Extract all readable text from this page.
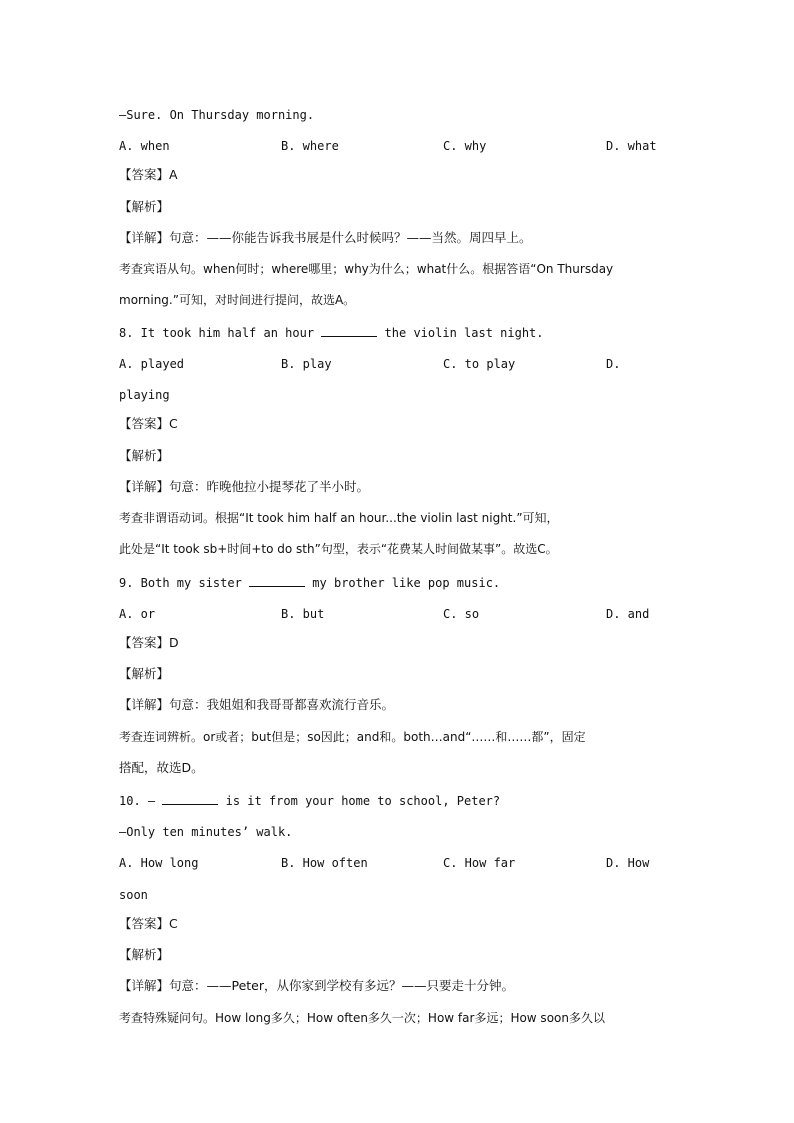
—Sure. On Thursday morning.
A. when	B. where	C. why	D. what
【答案】A
【解析】
【详解】句意：——你能告诉我书展是什么时候吗？——当然。周四早上。
考查宾语从句。when何时；where哪里；why为什么；what什么。根据答语“On Thursday
morning.”可知，对时间进行提问，故选A。
8. It took him half an hour	the violin last night.
A. played	B. play	C. to play	D.
playing
【答案】C
【解析】
【详解】句意：昨晚他拉小提琴花了半小时。
考查非谓语动词。根据“It took him half an hour...the violin last night.”可知，
此处是“It took sb+时间+to do sth”句型，表示“花费某人时间做某事”。故选C。
9. Both my sister	my brother like pop music.
A. or	B. but	C. so	D. and
【答案】D
【解析】
【详解】句意：我姐姐和我哥哥都喜欢流行音乐。
考查连词辨析。or或者；but但是；so因此；and和。both…and“……和……都”，固定
搭配，故选D。
10. —	is it from your home to school, Peter?
—Only ten minutes’ walk.
A. How long	B. How often	C. How far	D. How
soon
【答案】C
【解析】
【详解】句意：——Peter，从你家到学校有多远？——只要走十分钟。
考查特殊疑问句。How long多久；How often多久一次；How far多远；How soon多久以
